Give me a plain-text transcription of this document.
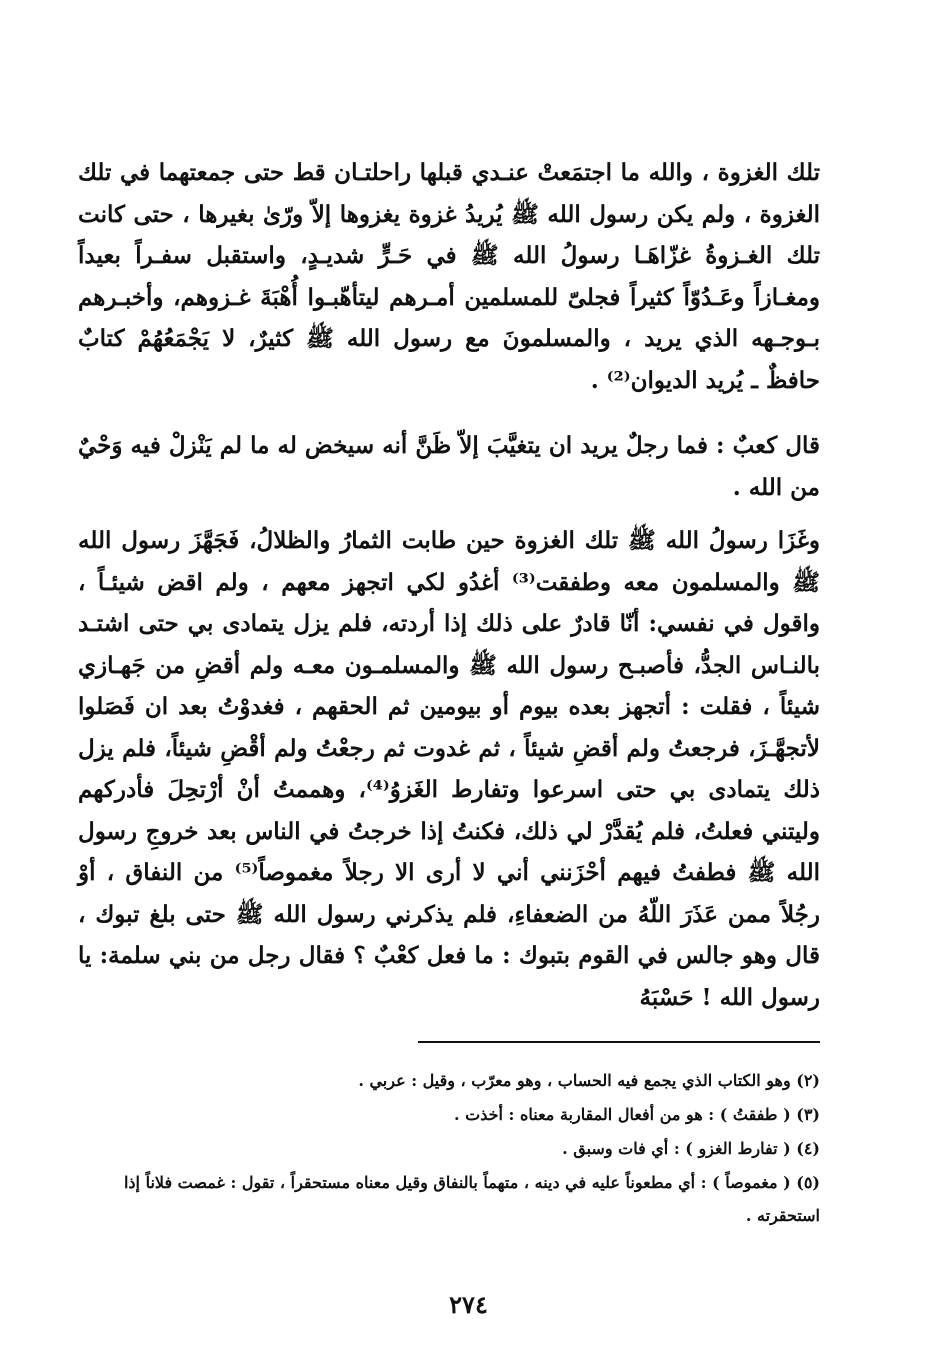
تلك الغزوة ، والله ما اجتمَعتْ عنـدي قبلها راحلتـان قط حتى جمعتهما في تلك الغزوة ، ولم يكن رسول الله ﷺ يُريدُ غزوة يغزوها إلاّ ورّىٰ بغيرها ، حتى كانت تلك الغـزوةُ غزّاهَـا رسولُ الله ﷺ في حَـرٍّ شديـدٍ، واستقبل سفـراً بعيداً ومغـازاً وعَـدُوّاً كثيراً فجلىّ للمسلمين أمـرهم ليتأهّبـوا أُهْبَةَ غـزوهم، وأخبـرهم بـوجـهه الذي يريد ، والمسلمونَ مع رسول الله ﷺ كثيرٌ، لا يَجْمَعُهُمْ كتابٌ حافظٌ ـ يُريد الديوان⁽²⁾ .

قال كعبٌ : فما رجلٌ يريد ان يتغيَّبَ إلاّ ظَنَّ أنه سيخض له ما لم يَنْزلْ فيه وَحْيٌ من الله .

وغَزَا رسولُ الله ﷺ تلك الغزوة حين طابت الثمارُ والظلالُ، فَجَهَّزَ رسول الله ﷺ والمسلمون معه وطفقت⁽³⁾ أغدُو لكي اتجهز معهم ، ولم اقض شيئـاً ، واقول في نفسي: أنّا قادرٌ على ذلك إذا أردته، فلم يزل يتمادى بي حتى اشتـد بالنـاس الجدُّ، فأصبـح رسول الله ﷺ والمسلمـون معـه ولم أقضِ من جَهـازي شيئاً ، فقلت : أتجهز بعده بيوم أو بيومين ثم الحقهم ، فغدوْتُ بعد ان فَصَلوا لأتجهَّـزَ، فرجعتُ ولم أقضِ شيئاً ، ثم غدوت ثم رجعْتُ ولم أقْضِ شيئاً، فلم يزل ذلك يتمادى بي حتى اسرعوا وتفارط الغَزوُ⁽⁴⁾، وهممتُ أنْ أرْتحِلَ فأدركهم وليتني فعلتُ، فلم يُقدَّرْ لي ذلك، فكنتُ إذا خرجتُ في الناس بعد خروجِ رسول الله ﷺ فطفتُ فيهم أحْزَنني أني لا أرى الا رجلاً مغموصاً⁽⁵⁾ من النفاق ، أوْ رجُلاً ممن عَذَرَ اللّهُ من الضعفاءِ، فلم يذكرني رسول الله ﷺ حتى بلغ تبوك ، قال وهو جالس في القوم بتبوك : ما فعل كعْبٌ ؟ فقال رجل من بني سلمة: يا رسول الله ! حَسْبَهُ

(٢) وهو الكتاب الذي يجمع فيه الحساب ، وهو معرّب ، وقيل : عربي .

(٣) ( طفقتُ ) : هو من أفعال المقاربة معناه : أخذت .

(٤) ( تفارط الغزو ) : أي فات وسبق .

(٥) ( مغموصاً ) : أي مطعوناً عليه في دينه ، متهماً بالنفاق وقيل معناه مستحقراً ، تقول : غمصت فلاناً إذا استحقرته .

٢٧٤
